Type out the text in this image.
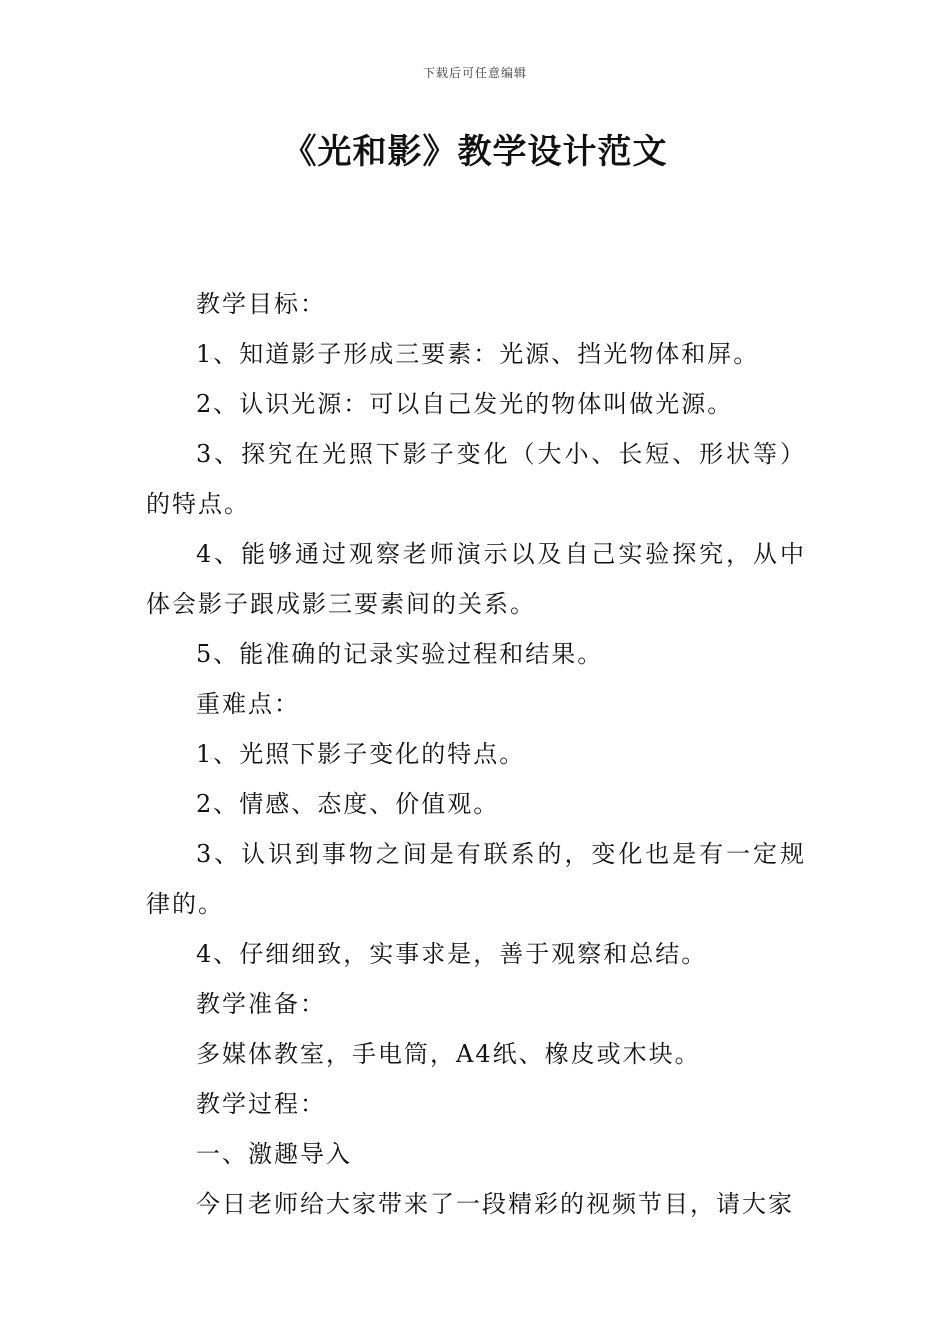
下载后可任意编辑
《光和影》教学设计范文

教学目标：

1、知道影子形成三要素：光源、挡光物体和屏。

2、认识光源：可以自己发光的物体叫做光源。

3、探究在光照下影子变化（大小、长短、形状等）的特点。

4、能够通过观察老师演示以及自己实验探究，从中体会影子跟成影三要素间的关系。

5、能准确的记录实验过程和结果。

重难点：

1、光照下影子变化的特点。

2、情感、态度、价值观。

3、认识到事物之间是有联系的，变化也是有一定规律的。

4、仔细细致，实事求是，善于观察和总结。

教学准备：

多媒体教室，手电筒，A4纸、橡皮或木块。

教学过程：

一、激趣导入

今日老师给大家带来了一段精彩的视频节目，请大家
